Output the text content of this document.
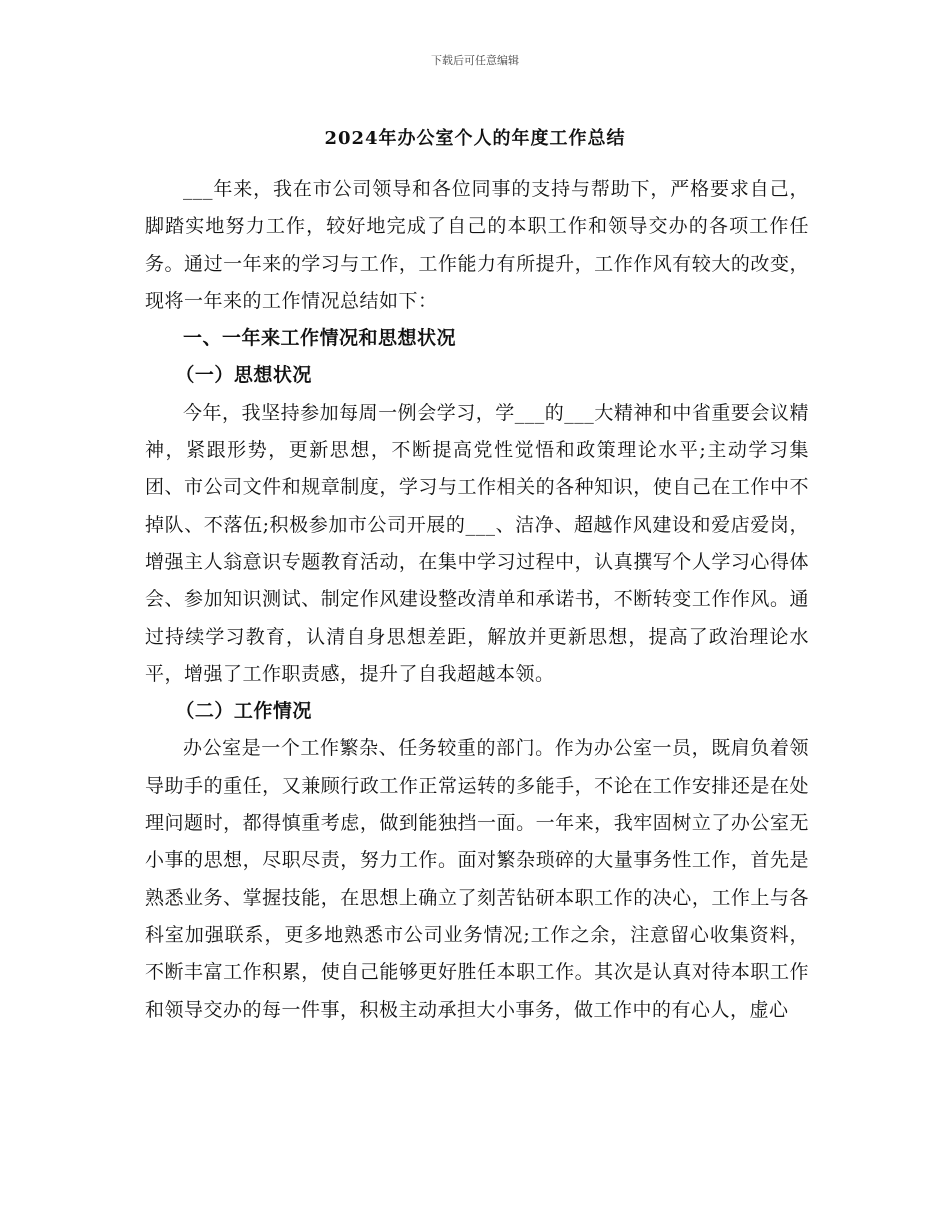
下载后可任意编辑
2024年办公室个人的年度工作总结

___年来，我在市公司领导和各位同事的支持与帮助下，严格要求自己，脚踏实地努力工作，较好地完成了自己的本职工作和领导交办的各项工作任务。通过一年来的学习与工作，工作能力有所提升，工作作风有较大的改变，现将一年来的工作情况总结如下：

一、一年来工作情况和思想状况
（一）思想状况

今年，我坚持参加每周一例会学习，学___的___大精神和中省重要会议精神，紧跟形势，更新思想，不断提高党性觉悟和政策理论水平;主动学习集团、市公司文件和规章制度，学习与工作相关的各种知识，使自己在工作中不掉队、不落伍;积极参加市公司开展的___、洁净、超越作风建设和爱店爱岗，增强主人翁意识专题教育活动，在集中学习过程中，认真撰写个人学习心得体会、参加知识测试、制定作风建设整改清单和承诺书，不断转变工作作风。通过持续学习教育，认清自身思想差距，解放并更新思想，提高了政治理论水平，增强了工作职责感，提升了自我超越本领。

（二）工作情况

办公室是一个工作繁杂、任务较重的部门。作为办公室一员，既肩负着领导助手的重任，又兼顾行政工作正常运转的多能手，不论在工作安排还是在处理问题时，都得慎重考虑，做到能独挡一面。一年来，我牢固树立了办公室无小事的思想，尽职尽责，努力工作。面对繁杂琐碎的大量事务性工作，首先是熟悉业务、掌握技能，在思想上确立了刻苦钻研本职工作的决心，工作上与各科室加强联系，更多地熟悉市公司业务情况;工作之余，注意留心收集资料，不断丰富工作积累，使自己能够更好胜任本职工作。其次是认真对待本职工作和领导交办的每一件事，积极主动承担大小事务，做工作中的有心人，虚心
